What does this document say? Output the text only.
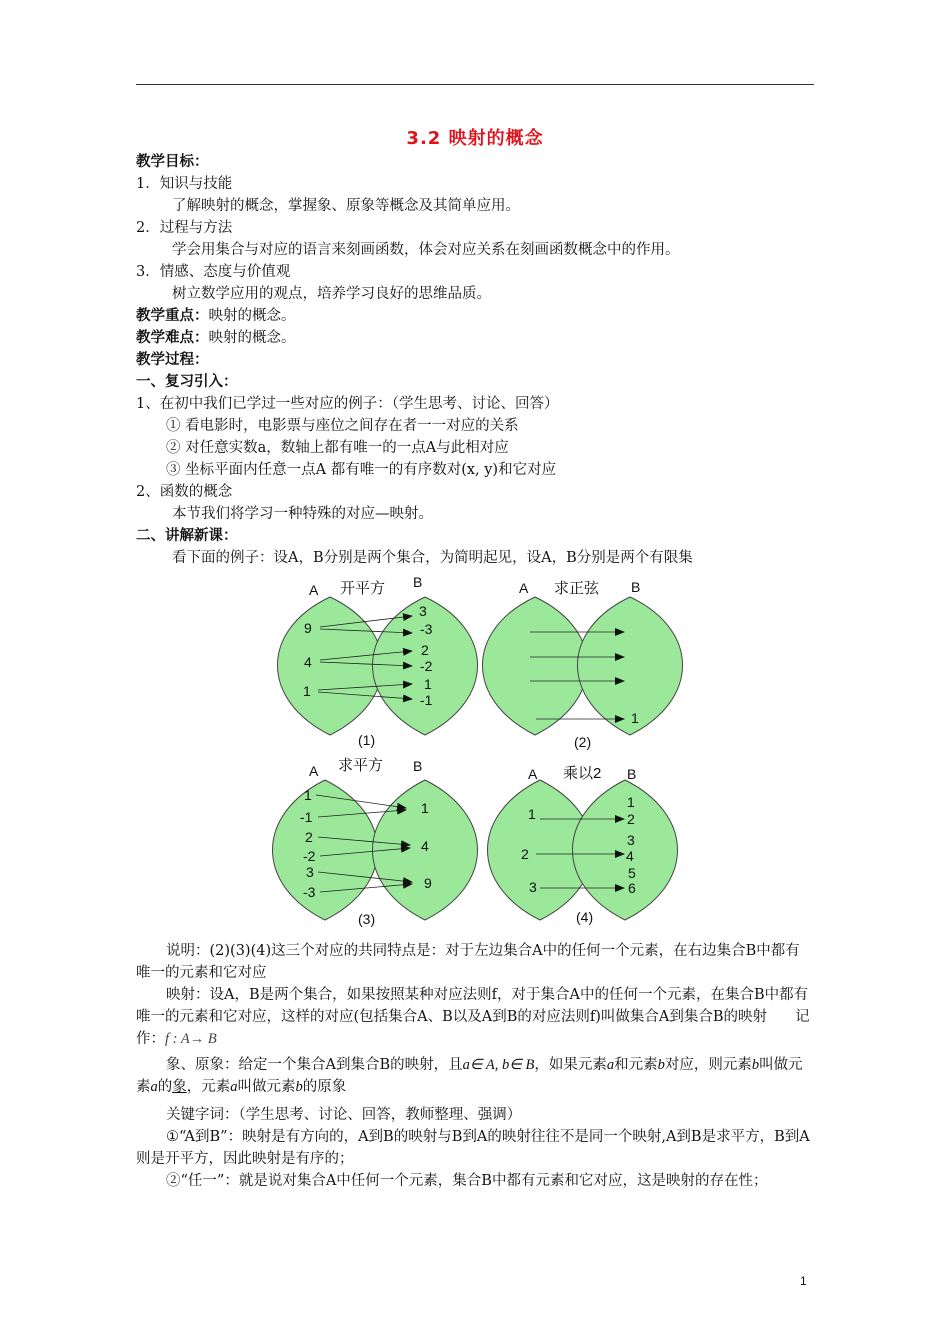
3.2 映射的概念
教学目标：
1．知识与技能
了解映射的概念，掌握象、原象等概念及其简单应用。
2．过程与方法
学会用集合与对应的语言来刻画函数，体会对应关系在刻画函数概念中的作用。
3．情感、态度与价值观
树立数学应用的观点，培养学习良好的思维品质。
教学重点：映射的概念。
教学难点：映射的概念。
教学过程：
一、复习引入：
1、在初中我们已学过一些对应的例子：（学生思考、讨论、回答）
① 看电影时，电影票与座位之间存在者一一对应的关系
② 对任意实数a，数轴上都有唯一的一点A与此相对应
③ 坐标平面内任意一点A 都有唯一的有序数对(x, y)和它对应
2、函数的概念
本节我们将学习一种特殊的对应—映射。
二、讲解新课：
看下面的例子：设A，B分别是两个集合，为简明起见，设A，B分别是两个有限集
A 开平方 B
9
4
1
3
-3
2
-2
1
-1
(1)
A 求正弦 B
1
(2)
A 求平方 B
1
-1
2
-2
3
-3
1
4
9
(3)
A 乘以2 B
1
2
3
1
2
3
4
5
6
(4)
说明：(2)(3)(4)这三个对应的共同特点是：对于左边集合A中的任何一个元素，在右边集合B中都有唯一的元素和它对应
映射：设A，B是两个集合，如果按照某种对应法则f，对于集合A中的任何一个元素，在集合B中都有唯一的元素和它对应，这样的对应(包括集合A、B以及A到B的对应法则f)叫做集合A到集合B的映射 记作：f : A→ B
象、原象：给定一个集合A到集合B的映射，且a∈ A, b∈ B，如果元素a和元素b对应，则元素b叫做元素a的象，元素a叫做元素b的原象
关键字词：（学生思考、讨论、回答，教师整理、强调）
①“A到B”：映射是有方向的，A到B的映射与B到A的映射往往不是同一个映射,A到B是求平方，B到A则是开平方，因此映射是有序的；
②“任一”：就是说对集合A中任何一个元素，集合B中都有元素和它对应，这是映射的存在性；
1
